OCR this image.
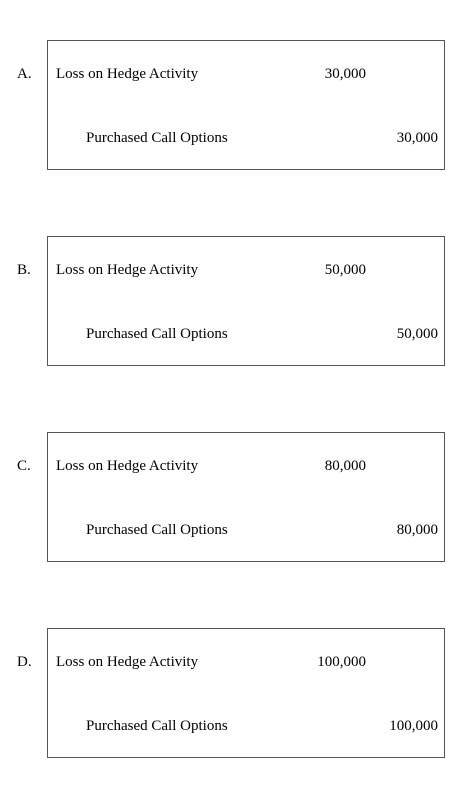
A. Loss on Hedge Activity	30,000
Purchased Call Options	30,000
B. Loss on Hedge Activity	50,000
Purchased Call Options	50,000
C. Loss on Hedge Activity	80,000
Purchased Call Options	80,000
D. Loss on Hedge Activity	100,000
Purchased Call Options	100,000
